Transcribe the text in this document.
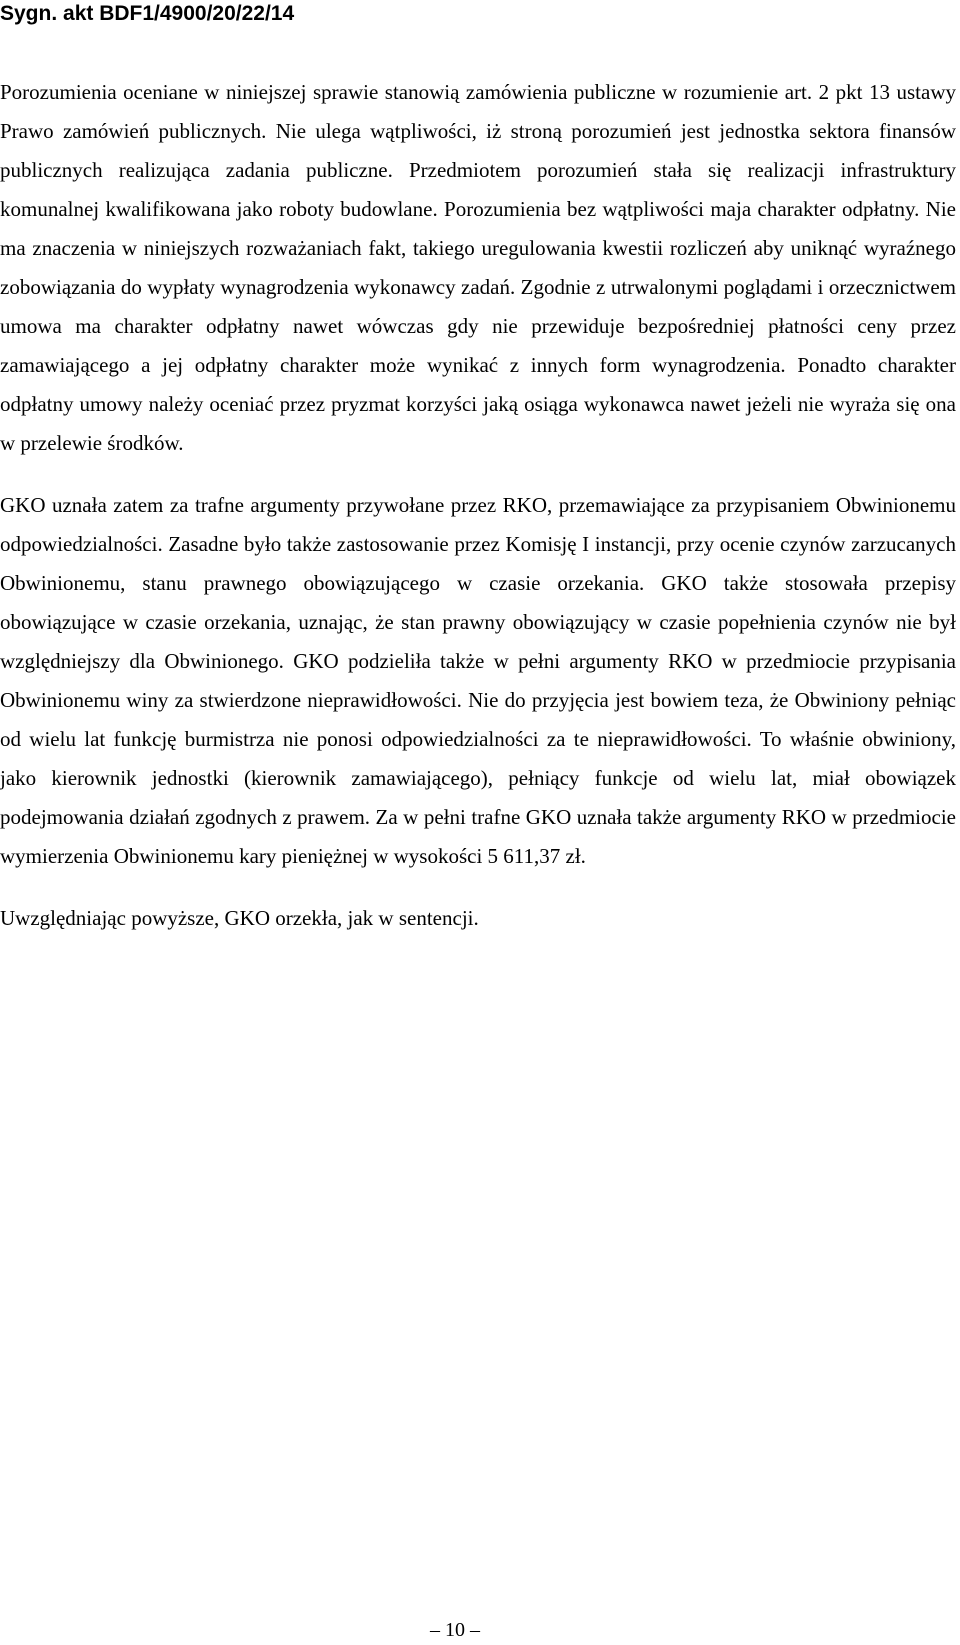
Sygn. akt BDF1/4900/20/22/14

Porozumienia oceniane w niniejszej sprawie stanowią zamówienia publiczne w rozumienie art. 2 pkt 13 ustawy Prawo zamówień publicznych. Nie ulega wątpliwości, iż stroną porozumień jest jednostka sektora finansów publicznych realizująca zadania publiczne. Przedmiotem porozumień stała się realizacji infrastruktury komunalnej kwalifikowana jako roboty budowlane. Porozumienia bez wątpliwości maja charakter odpłatny. Nie ma znaczenia w niniejszych rozważaniach fakt, takiego uregulowania kwestii rozliczeń aby uniknąć wyraźnego zobowiązania do wypłaty wynagrodzenia wykonawcy zadań. Zgodnie z utrwalonymi poglądami i orzecznictwem umowa ma charakter odpłatny nawet wówczas gdy nie przewiduje bezpośredniej płatności ceny przez zamawiającego a jej odpłatny charakter może wynikać z innych form wynagrodzenia. Ponadto charakter odpłatny umowy należy oceniać przez pryzmat korzyści jaką osiąga wykonawca nawet jeżeli nie wyraża się ona w przelewie środków.

GKO uznała zatem za trafne argumenty przywołane przez RKO, przemawiające za przypisaniem Obwinionemu odpowiedzialności. Zasadne było także zastosowanie przez Komisję I instancji, przy ocenie czynów zarzucanych Obwinionemu, stanu prawnego obowiązującego w czasie orzekania. GKO także stosowała przepisy obowiązujące w czasie orzekania, uznając, że stan prawny obowiązujący w czasie popełnienia czynów nie był względniejszy dla Obwinionego. GKO podzieliła także w pełni argumenty RKO w przedmiocie przypisania Obwinionemu winy za stwierdzone nieprawidłowości. Nie do przyjęcia jest bowiem teza, że Obwiniony pełniąc od wielu lat funkcję burmistrza nie ponosi odpowiedzialności za te nieprawidłowości. To właśnie obwiniony, jako kierownik jednostki (kierownik zamawiającego), pełniący funkcje od wielu lat, miał obowiązek podejmowania działań zgodnych z prawem. Za w pełni trafne GKO uznała także argumenty RKO w przedmiocie wymierzenia Obwinionemu kary pieniężnej w wysokości 5 611,37 zł.

Uwzględniając powyższe, GKO orzekła, jak w sentencji.

– 10 –
